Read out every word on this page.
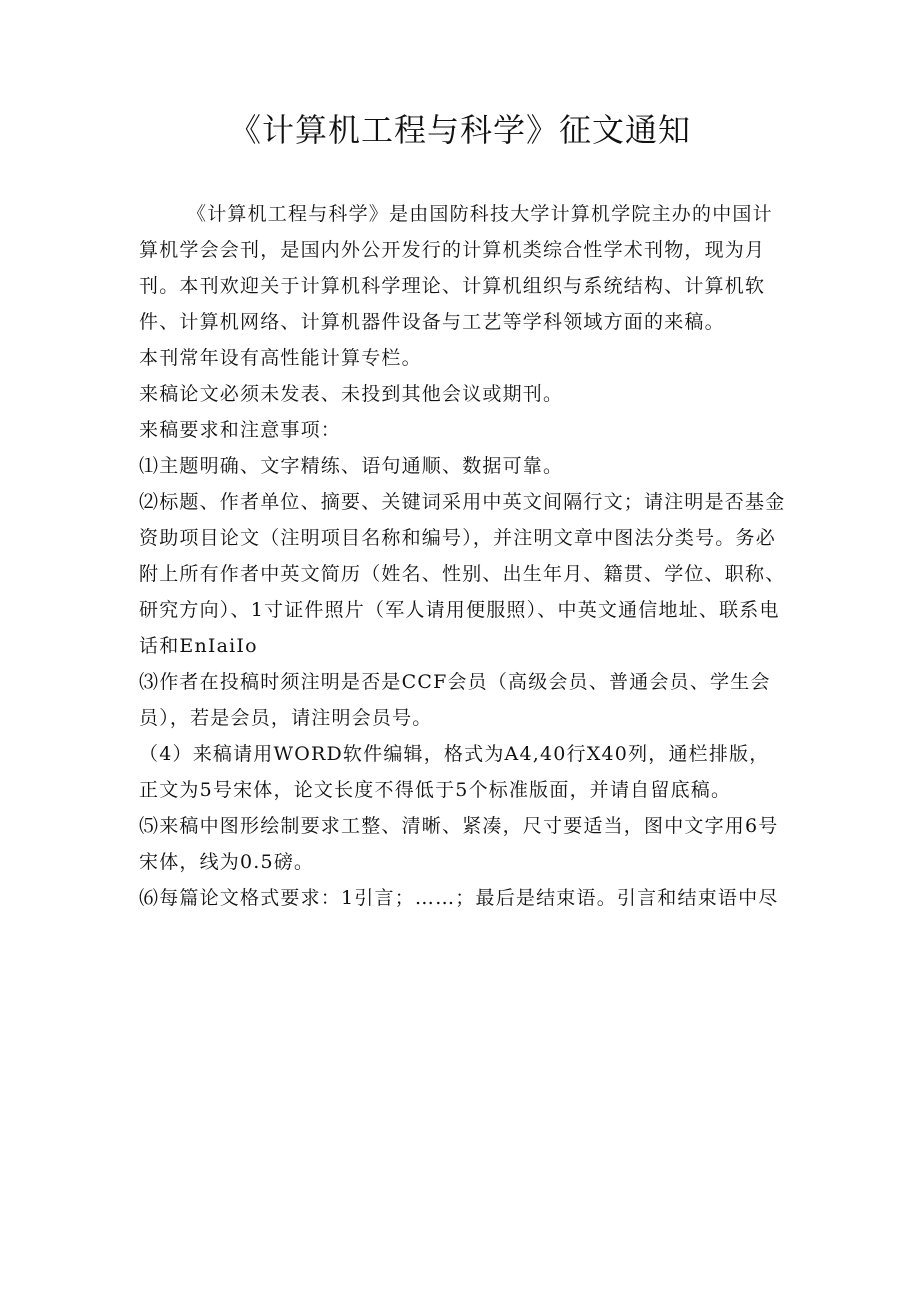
《计算机工程与科学》征文通知

《计算机工程与科学》是由国防科技大学计算机学院主办的中国计算机学会会刊，是国内外公开发行的计算机类综合性学术刊物，现为月刊。本刊欢迎关于计算机科学理论、计算机组织与系统结构、计算机软件、计算机网络、计算机器件设备与工艺等学科领域方面的来稿。

本刊常年设有高性能计算专栏。

来稿论文必须未发表、未投到其他会议或期刊。

来稿要求和注意事项：

⑴主题明确、文字精练、语句通顺、数据可靠。

⑵标题、作者单位、摘要、关键词采用中英文间隔行文；请注明是否基金资助项目论文（注明项目名称和编号），并注明文章中图法分类号。务必附上所有作者中英文简历（姓名、性别、出生年月、籍贯、学位、职称、研究方向）、1寸证件照片（军人请用便服照）、中英文通信地址、联系电话和EnIaiIo

⑶作者在投稿时须注明是否是CCF会员（高级会员、普通会员、学生会员），若是会员，请注明会员号。

（4）来稿请用WORD软件编辑，格式为A4,40行X40列，通栏排版，正文为5号宋体，论文长度不得低于5个标准版面，并请自留底稿。

⑸来稿中图形绘制要求工整、清晰、紧凑，尺寸要适当，图中文字用6号宋体，线为0.5磅。

⑹每篇论文格式要求：1引言；……；最后是结束语。引言和结束语中尽
